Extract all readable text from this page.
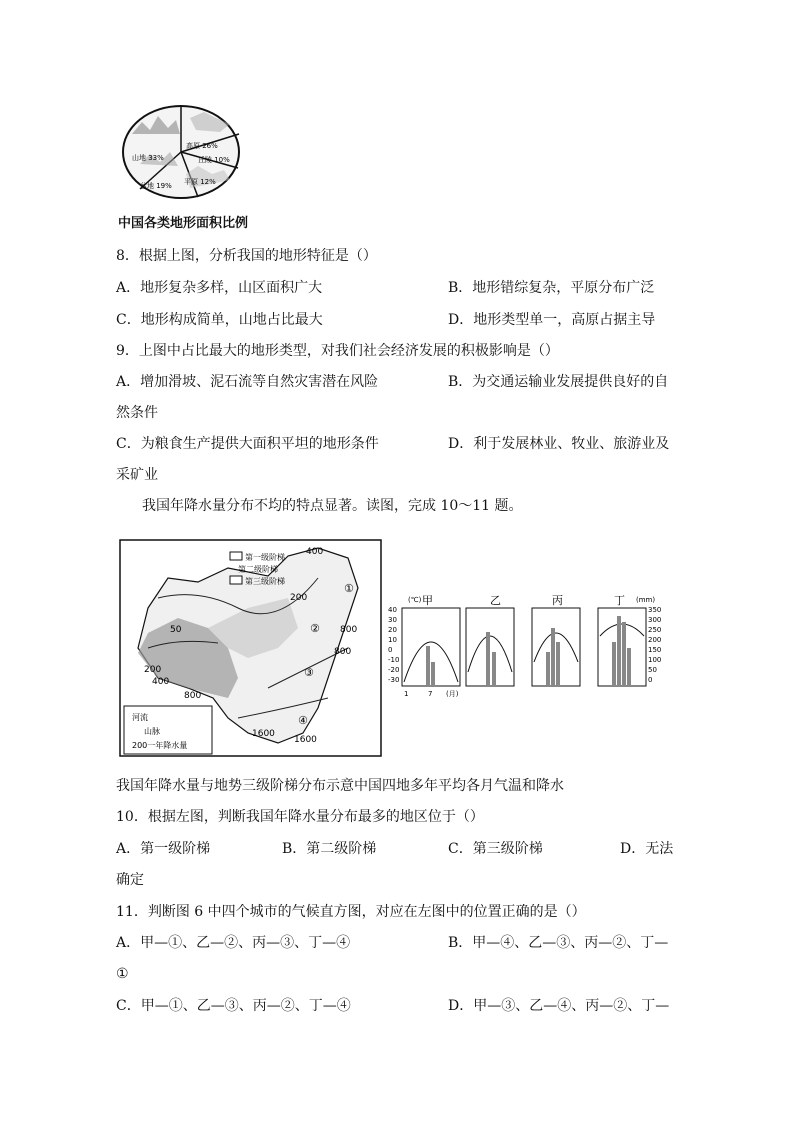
高原 26%
丘陵 10%
山地 33%
盆地 19% 平原 12%
中国各类地形面积比例
8．根据上图，分析我国的地形特征是（）
A．地形复杂多样，山区面积广大	B．地形错综复杂，平原分布广泛
C．地形构成简单，山地占比最大	D．地形类型单一，高原占据主导
9．上图中占比最大的地形类型，对我们社会经济发展的积极影响是（）
A．增加滑坡、泥石流等自然灾害潜在风险	B．为交通运输业发展提供良好的自
然条件
C．为粮食生产提供大面积平坦的地形条件	D．利于发展林业、牧业、旅游业及
采矿业
我国年降水量分布不均的特点显著。读图，完成 10～11 题。
第一级阶梯
第二级阶梯
第三级阶梯
400
200
50
200
400
800
800
1600
1600
800
①
②
③
④
河流
山脉
200一年降水量
(℃) 甲	乙	丙	丁 (mm)
40
30
20
10
0
-10
-20
-30
350
300
250
200
150
100
50
0
1	7 (月)
我国年降水量与地势三级阶梯分布示意中国四地多年平均各月气温和降水
10．根据左图，判断我国年降水量分布最多的地区位于（）
A．第一级阶梯	B．第二级阶梯	C．第三级阶梯	D．无法
确定
11．判断图 6 中四个城市的气候直方图，对应在左图中的位置正确的是（）
A．甲—①、乙—②、丙—③、丁—④	B．甲—④、乙—③、丙—②、丁—
①
C．甲—①、乙—③、丙—②、丁—④	D．甲—③、乙—④、丙—②、丁—
